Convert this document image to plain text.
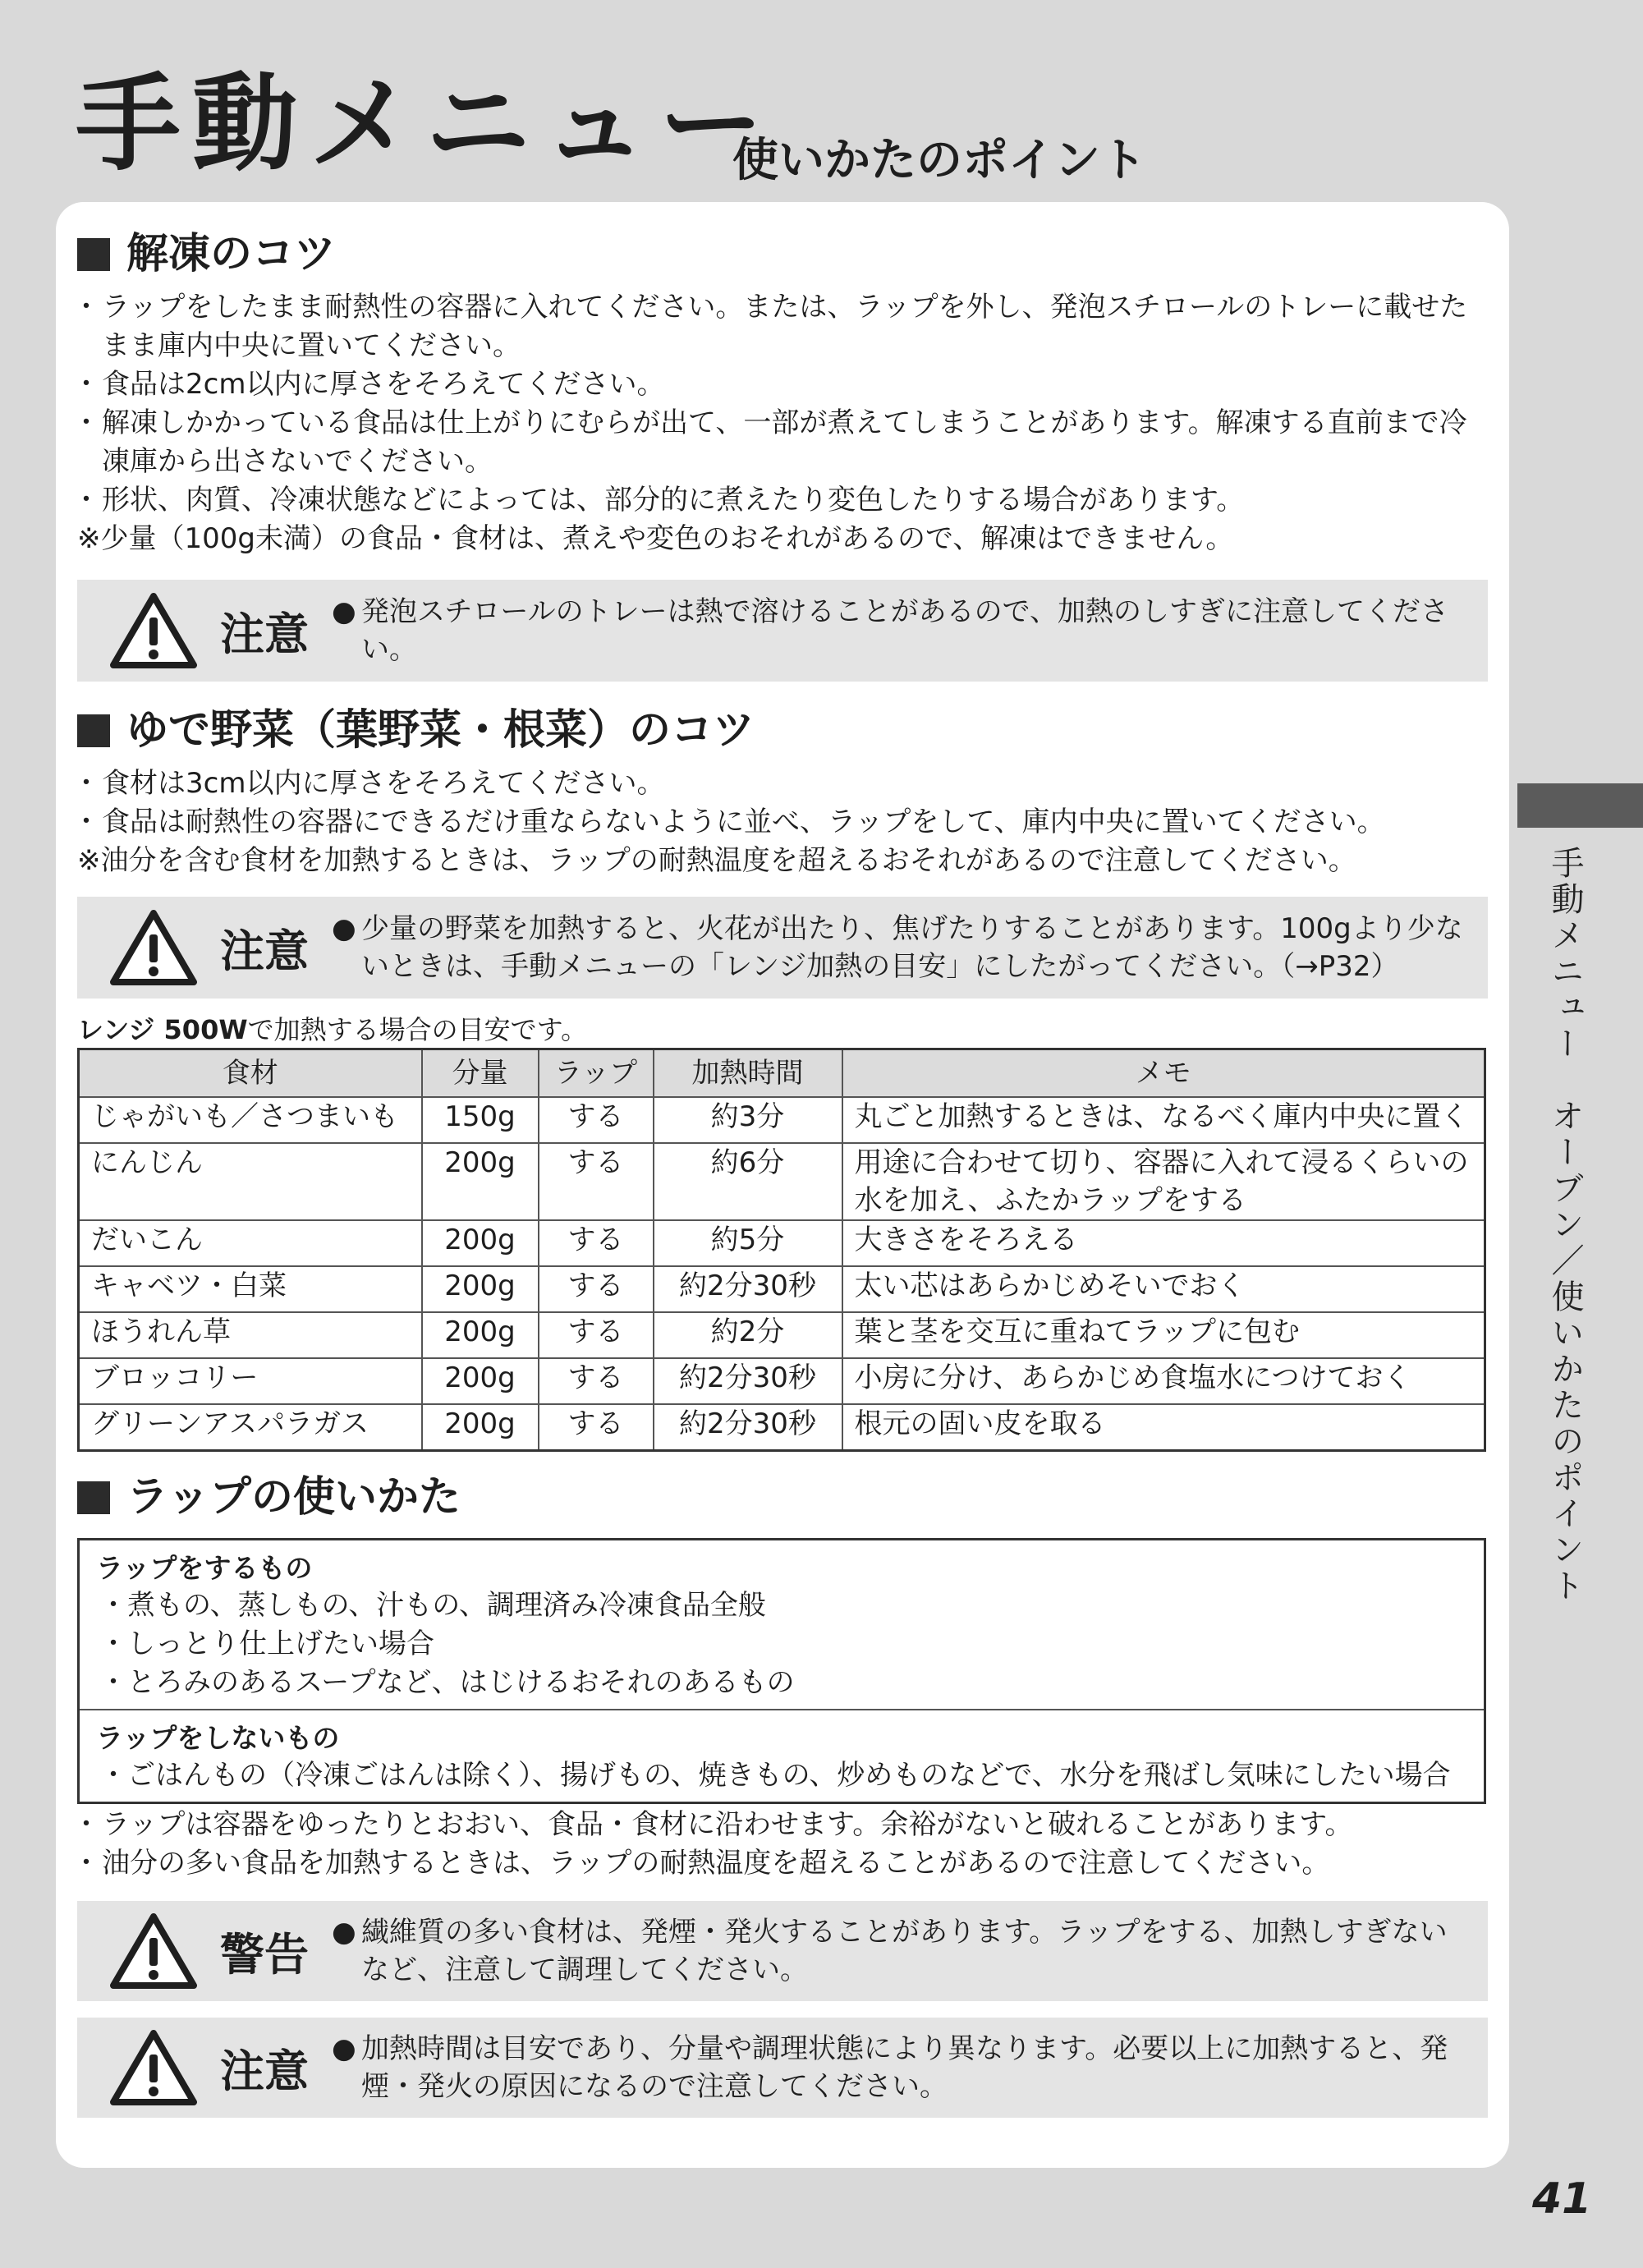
手動メニュー
使いかたのポイント
解凍のコツ
・ ラップをしたまま耐熱性の容器に入れてください。または、ラップを外し、発泡スチロールのトレーに載せたまま庫内中央に置いてください。
・ 食品は2cm以内に厚さをそろえてください。
・ 解凍しかかっている食品は仕上がりにむらが出て、一部が煮えてしまうことがあります。解凍する直前まで冷凍庫から出さないでください。
・ 形状、肉質、冷凍状態などによっては、部分的に煮えたり変色したりする場合があります。
※少量（100g未満）の食品・食材は、煮えや変色のおそれがあるので、解凍はできません。
注意	● 発泡スチロールのトレーは熱で溶けることがあるので、加熱のしすぎに注意してください。
ゆで野菜（葉野菜・根菜）のコツ
・ 食材は3cm以内に厚さをそろえてください。
・ 食品は耐熱性の容器にできるだけ重ならないように並べ、ラップをして、庫内中央に置いてください。
※油分を含む食材を加熱するときは、ラップの耐熱温度を超えるおそれがあるので注意してください。
注意	● 少量の野菜を加熱すると、火花が出たり、焦げたりすることがあります。100gより少ないときは、手動メニューの「レンジ加熱の目安」にしたがってください。（→P32）
レンジ 500Wで加熱する場合の目安です。
食材	分量	ラップ	加熱時間	メモ
じゃがいも／さつまいも	150g	する	約3分	丸ごと加熱するときは、なるべく庫内中央に置く
にんじん	200g	する	約6分	用途に合わせて切り、容器に入れて浸るくらいの水を加え、ふたかラップをする
だいこん	200g	する	約5分	大きさをそろえる
キャベツ・白菜	200g	する	約2分30秒	太い芯はあらかじめそいでおく
ほうれん草	200g	する	約2分	葉と茎を交互に重ねてラップに包む
ブロッコリー	200g	する	約2分30秒	小房に分け、あらかじめ食塩水につけておく
グリーンアスパラガス	200g	する	約2分30秒	根元の固い皮を取る
ラップの使いかた
ラップをするもの
・ 煮もの、蒸しもの、汁もの、調理済み冷凍食品全般
・ しっとり仕上げたい場合
・ とろみのあるスープなど、はじけるおそれのあるもの
ラップをしないもの
・ ごはんもの（冷凍ごはんは除く）、揚げもの、焼きもの、炒めものなどで、水分を飛ばし気味にしたい場合
・ ラップは容器をゆったりとおおい、食品・食材に沿わせます。余裕がないと破れることがあります。
・ 油分の多い食品を加熱するときは、ラップの耐熱温度を超えることがあるので注意してください。
警告	● 繊維質の多い食材は、発煙・発火することがあります。ラップをする、加熱しすぎないなど、注意して調理してください。
注意	● 加熱時間は目安であり、分量や調理状態により異なります。必要以上に加熱すると、発煙・発火の原因になるので注意してください。
手動メニュー　オーブン／使いかたのポイント
41
